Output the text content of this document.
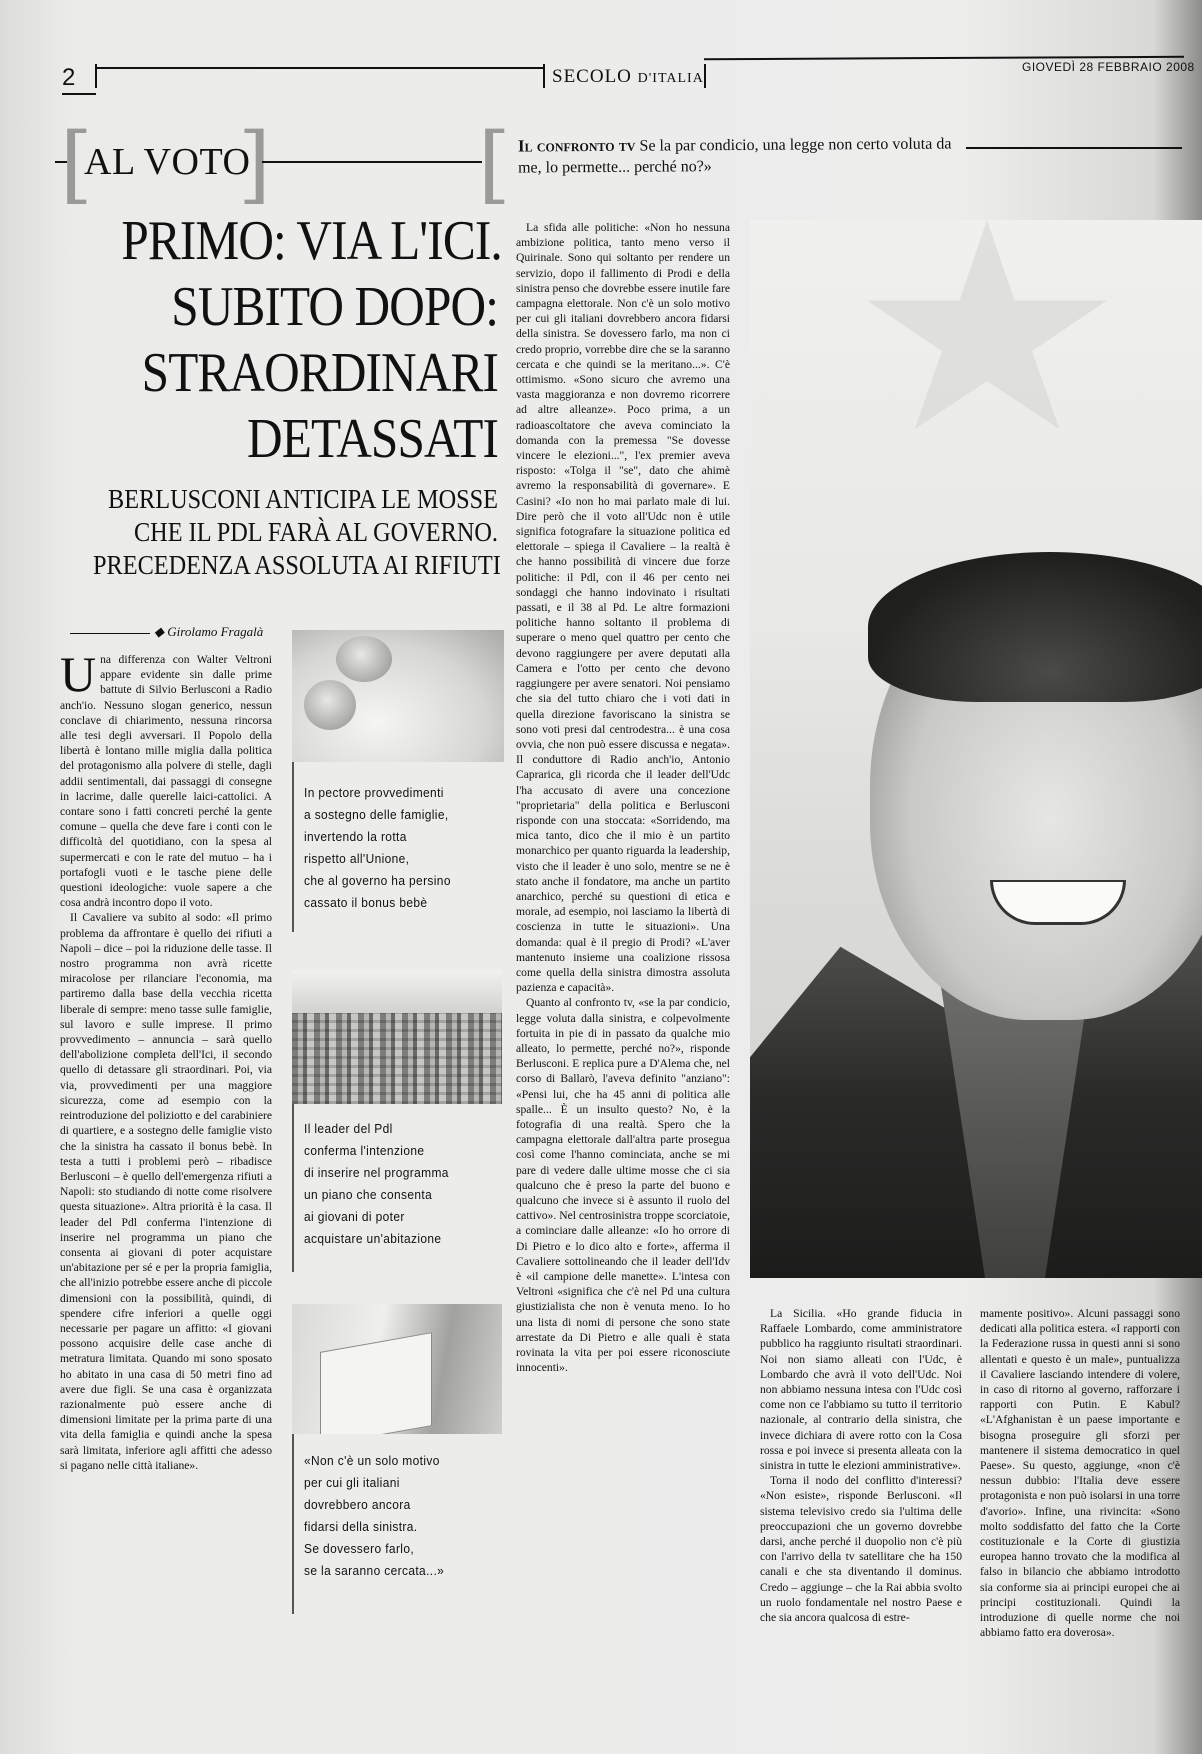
2	SECOLO D'ITALIA
GIOVEDÌ 28 FEBBRAIO 2008
[
AL VOTO
] [ Il confronto tv Se la par condicio, una legge non certo voluta da me, lo permette... perché no?»
PRIMO: VIA L'ICI.
SUBITO DOPO:
STRAORDINARI
DETASSATI
BERLUSCONI ANTICIPA LE MOSSE
CHE IL PDL FARÀ AL GOVERNO.
PRECEDENZA ASSOLUTA AI RIFIUTI
◆ Girolamo Fragalà

Una differenza con Walter Veltroni appare evidente sin dalle prime battute di Silvio Berlusconi a Radio anch'io. Nessuno slogan generico, nessun conclave di chiarimento, nessuna rincorsa alle tesi degli avversari. Il Popolo della libertà è lontano mille miglia dalla politica del protagonismo alla polvere di stelle, dagli addii sentimentali, dai passaggi di consegne in lacrime, dalle querelle laici-cattolici. A contare sono i fatti concreti perché la gente comune – quella che deve fare i conti con le difficoltà del quotidiano, con la spesa al supermercati e con le rate del mutuo – ha i portafogli vuoti e le tasche piene delle questioni ideologiche: vuole sapere a che cosa andrà incontro dopo il voto.

Il Cavaliere va subito al sodo: «Il primo problema da affrontare è quello dei rifiuti a Napoli – dice – poi la riduzione delle tasse. Il nostro programma non avrà ricette miracolose per rilanciare l'economia, ma partiremo dalla base della vecchia ricetta liberale di sempre: meno tasse sulle famiglie, sul lavoro e sulle imprese. Il primo provvedimento – annuncia – sarà quello dell'abolizione completa dell'Ici, il secondo quello di detassare gli straordinari. Poi, via via, provvedimenti per una maggiore sicurezza, come ad esempio con la reintroduzione del poliziotto e del carabiniere di quartiere, e a sostegno delle famiglie visto che la sinistra ha cassato il bonus bebè. In testa a tutti i problemi però – ribadisce Berlusconi – è quello dell'emergenza rifiuti a Napoli: sto studiando di notte come risolvere questa situazione». Altra priorità è la casa. Il leader del Pdl conferma l'intenzione di inserire nel programma un piano che consenta ai giovani di poter acquistare un'abitazione per sé e per la propria famiglia, che all'inizio potrebbe essere anche di piccole dimensioni con la possibilità, quindi, di spendere cifre inferiori a quelle oggi necessarie per pagare un affitto: «I giovani possono acquisire delle case anche di metratura limitata. Quando mi sono sposato ho abitato in una casa di 50 metri fino ad avere due figli. Se una casa è organizzata razionalmente può essere anche di dimensioni limitate per la prima parte di una vita della famiglia e quindi anche la spesa sarà limitata, inferiore agli affitti che adesso si pagano nelle città italiane».

In pectore provvedimenti
a sostegno delle famiglie,
invertendo la rotta
rispetto all'Unione,
che al governo ha persino
cassato il bonus bebè
Il leader del Pdl
conferma l'intenzione
di inserire nel programma
un piano che consenta
ai giovani di poter
acquistare un'abitazione
«Non c'è un solo motivo
per cui gli italiani
dovrebbero ancora
fidarsi della sinistra.
Se dovessero farlo,
se la saranno cercata...»

La sfida alle politiche: «Non ho nessuna ambizione politica, tanto meno verso il Quirinale. Sono qui soltanto per rendere un servizio, dopo il fallimento di Prodi e della sinistra penso che dovrebbe essere inutile fare campagna elettorale. Non c'è un solo motivo per cui gli italiani dovrebbero ancora fidarsi della sinistra. Se dovessero farlo, ma non ci credo proprio, vorrebbe dire che se la saranno cercata e che quindi se la meritano...». C'è ottimismo. «Sono sicuro che avremo una vasta maggioranza e non dovremo ricorrere ad altre alleanze». Poco prima, a un radioascoltatore che aveva cominciato la domanda con la premessa "Se dovesse vincere le elezioni...", l'ex premier aveva risposto: «Tolga il "se", dato che ahimè avremo la responsabilità di governare». E Casini? «Io non ho mai parlato male di lui. Dire però che il voto all'Udc non è utile significa fotografare la situazione politica ed elettorale – spiega il Cavaliere – la realtà è che hanno possibilità di vincere due forze politiche: il Pdl, con il 46 per cento nei sondaggi che hanno indovinato i risultati passati, e il 38 al Pd. Le altre formazioni politiche hanno soltanto il problema di superare o meno quel quattro per cento che devono raggiungere per avere deputati alla Camera e l'otto per cento che devono raggiungere per avere senatori. Noi pensiamo che sia del tutto chiaro che i voti dati in quella direzione favoriscano la sinistra se sono voti presi dal centrodestra... è una cosa ovvia, che non può essere discussa e negata». Il conduttore di Radio anch'io, Antonio Caprarica, gli ricorda che il leader dell'Udc l'ha accusato di avere una concezione "proprietaria" della politica e Berlusconi risponde con una stoccata: «Sorridendo, ma mica tanto, dico che il mio è un partito monarchico per quanto riguarda la leadership, visto che il leader è uno solo, mentre se ne è stato anche il fondatore, ma anche un partito anarchico, perché su questioni di etica e morale, ad esempio, noi lasciamo la libertà di coscienza in tutte le situazioni». Una domanda: qual è il pregio di Prodi? «L'aver mantenuto insieme una coalizione rissosa come quella della sinistra dimostra assoluta pazienza e capacità».

Quanto al confronto tv, «se la par condicio, legge voluta dalla sinistra, e colpevolmente fortuita in pie di in passato da qualche mio alleato, lo permette, perché no?», risponde Berlusconi. E replica pure a D'Alema che, nel corso di Ballarò, l'aveva definito "anziano": «Pensi lui, che ha 45 anni di politica alle spalle... È un insulto questo? No, è la fotografia di una realtà. Spero che la campagna elettorale dall'altra parte prosegua così come l'hanno cominciata, anche se mi pare di vedere dalle ultime mosse che ci sia qualcuno che è preso la parte del buono e qualcuno che invece si è assunto il ruolo del cattivo». Nel centrosinistra troppe scorciatoie, a cominciare dalle alleanze: «Io ho orrore di Di Pietro e lo dico alto e forte», afferma il Cavaliere sottolineando che il leader dell'Idv è «il campione delle manette». L'intesa con Veltroni «significa che c'è nel Pd una cultura giustizialista che non è venuta meno. Io ho una lista di nomi di persone che sono state arrestate da Di Pietro e alle quali è stata rovinata la vita per poi essere riconosciute innocenti».

La Sicilia. «Ho grande fiducia in Raffaele Lombardo, come amministratore pubblico ha raggiunto risultati straordinari. Noi non siamo alleati con l'Udc, è Lombardo che avrà il voto dell'Udc. Noi non abbiamo nessuna intesa con l'Udc così come non ce l'abbiamo su tutto il territorio nazionale, al contrario della sinistra, che invece dichiara di avere rotto con la Cosa rossa e poi invece si presenta alleata con la sinistra in tutte le elezioni amministrative».

Torna il nodo del conflitto d'interessi? «Non esiste», risponde Berlusconi. «Il sistema televisivo credo sia l'ultima delle preoccupazioni che un governo dovrebbe darsi, anche perché il duopolio non c'è più con l'arrivo della tv satellitare che ha 150 canali e che sta diventando il dominus. Credo – aggiunge – che la Rai abbia svolto un ruolo fondamentale nel nostro Paese e che sia ancora qualcosa di estre-

mamente positivo». Alcuni passaggi sono dedicati alla politica estera. «I rapporti con la Federazione russa in questi anni si sono allentati e questo è un male», puntualizza il Cavaliere lasciando intendere di volere, in caso di ritorno al governo, rafforzare i rapporti con Putin. E Kabul? «L'Afghanistan è un paese importante e bisogna proseguire gli sforzi per mantenere il sistema democratico in quel Paese». Su questo, aggiunge, «non c'è nessun dubbio: l'Italia deve essere protagonista e non può isolarsi in una torre d'avorio». Infine, una rivincita: «Sono molto soddisfatto del fatto che la Corte costituzionale e la Corte di giustizia europea hanno trovato che la modifica al falso in bilancio che abbiamo introdotto sia conforme sia ai principi europei che ai principi costituzionali. Quindi la introduzione di quelle norme che noi abbiamo fatto era doverosa».
